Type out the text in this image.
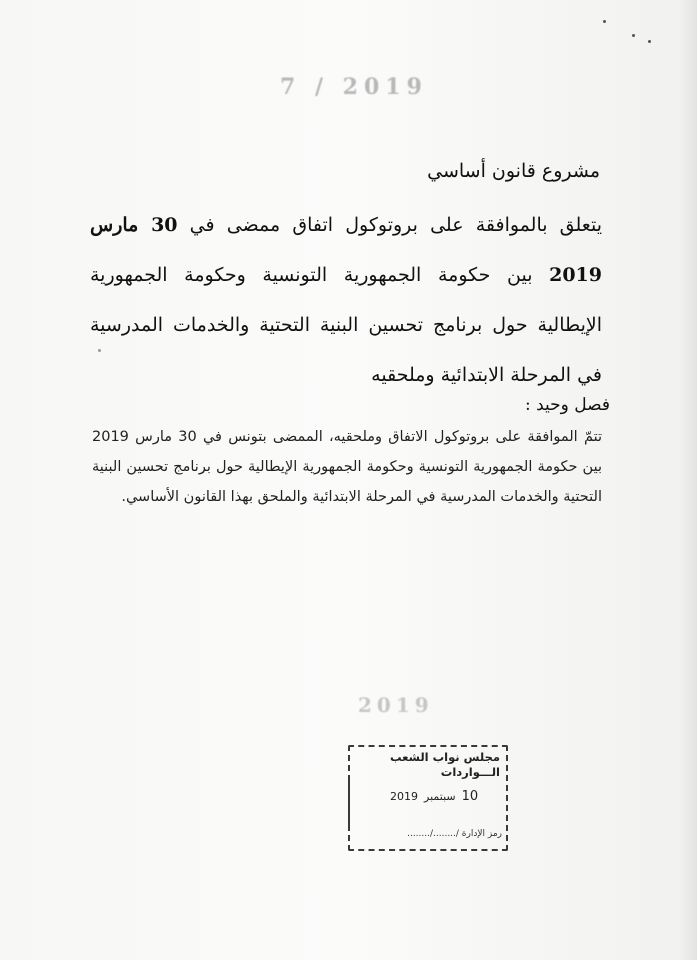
7 / 2019
مشروع قانون أساسي
يتعلق بالموافقة على بروتوكول اتفاق ممضى في 30 مارس 2019 بين حكومة الجمهورية التونسية وحكومة الجمهورية الإيطالية حول برنامج تحسين البنية التحتية والخدمات المدرسية في المرحلة الابتدائية وملحقيه
فصل وحيد :
تتمّ الموافقة على بروتوكول الاتفاق وملحقيه، الممضى بتونس في 30 مارس 2019 بين حكومة الجمهورية التونسية وحكومة الجمهورية الإيطالية حول برنامج تحسين البنية التحتية والخدمات المدرسية في المرحلة الابتدائية والملحق بهذا القانون الأساسي.
2019
مجلس نواب الشعب
الـــواردات
2019 سبتمبر 10
رمز الإدارة /......../........
